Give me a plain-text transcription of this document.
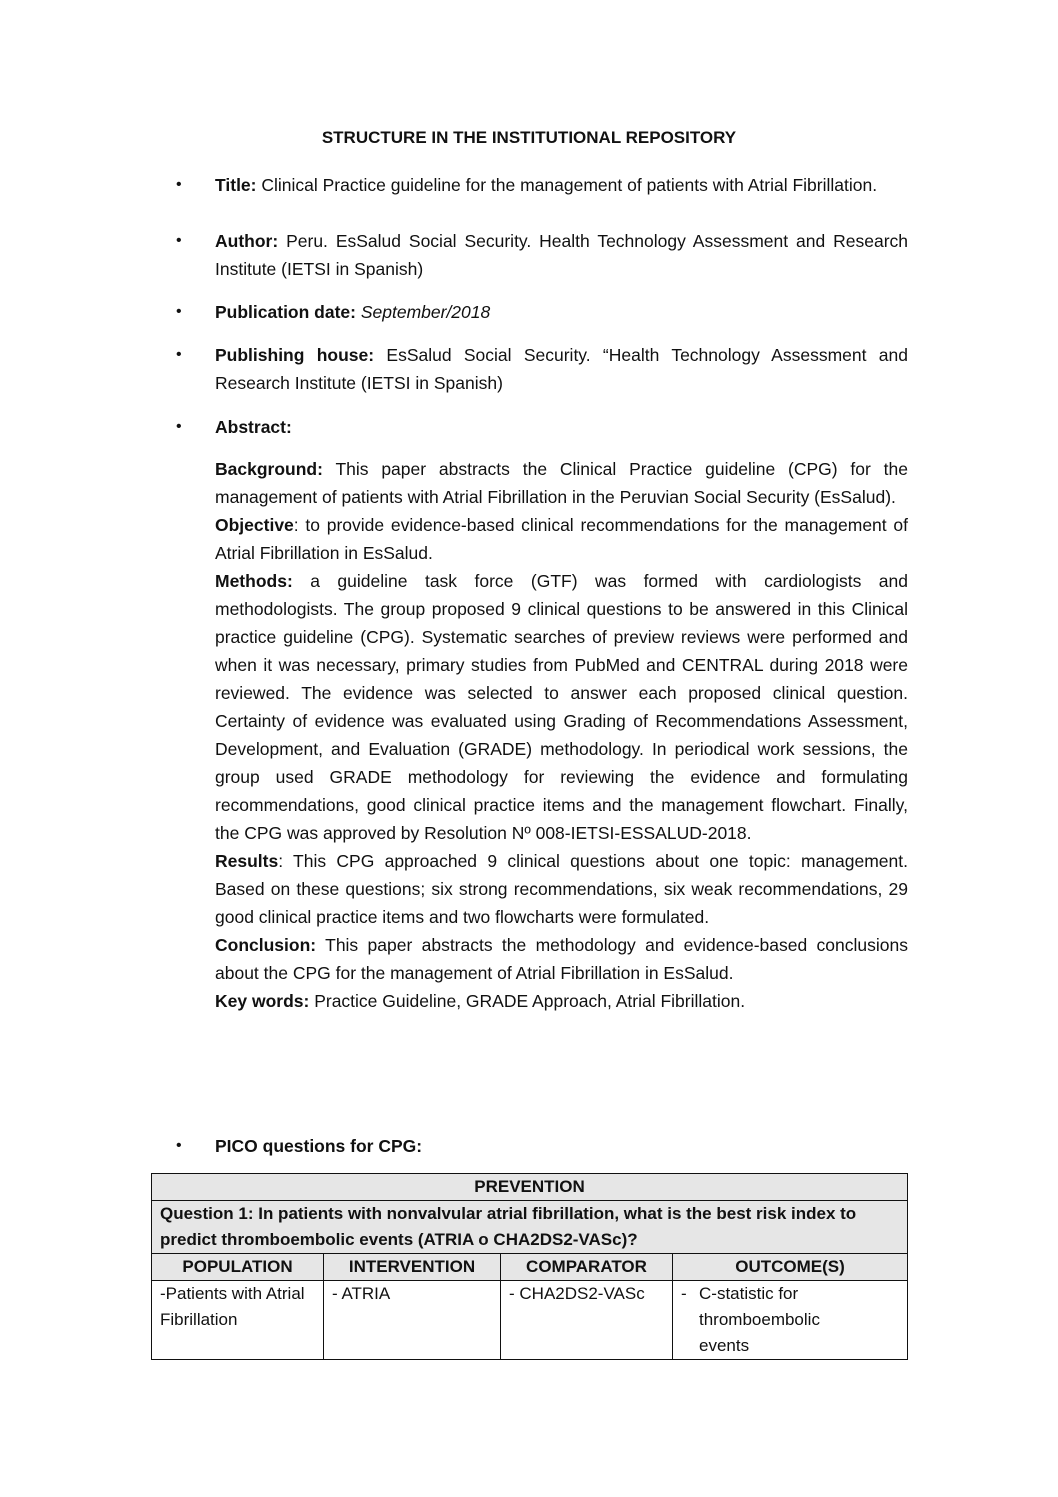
STRUCTURE IN THE INSTITUTIONAL REPOSITORY
•	Title: Clinical Practice guideline for the management of patients with Atrial Fibrillation.
•	Author: Peru. EsSalud Social Security. Health Technology Assessment and Research Institute (IETSI in Spanish)
•	Publication date: September/2018
•	Publishing house: EsSalud Social Security. “Health Technology Assessment and Research Institute (IETSI in Spanish)
•	Abstract:
Background: This paper abstracts the Clinical Practice guideline (CPG) for the management of patients with Atrial Fibrillation in the Peruvian Social Security (EsSalud).
Objective: to provide evidence-based clinical recommendations for the management of Atrial Fibrillation in EsSalud.
Methods: a guideline task force (GTF) was formed with cardiologists and methodologists. The group proposed 9 clinical questions to be answered in this Clinical practice guideline (CPG). Systematic searches of preview reviews were performed and when it was necessary, primary studies from PubMed and CENTRAL during 2018 were reviewed. The evidence was selected to answer each proposed clinical question. Certainty of evidence was evaluated using Grading of Recommendations Assessment, Development, and Evaluation (GRADE) methodology. In periodical work sessions, the group used GRADE methodology for reviewing the evidence and formulating recommendations, good clinical practice items and the management flowchart. Finally, the CPG was approved by Resolution Nº 008-IETSI-ESSALUD-2018.
Results: This CPG approached 9 clinical questions about one topic: management. Based on these questions; six strong recommendations, six weak recommendations, 29 good clinical practice items and two flowcharts were formulated.
Conclusion: This paper abstracts the methodology and evidence-based conclusions about the CPG for the management of Atrial Fibrillation in EsSalud.
Key words: Practice Guideline, GRADE Approach, Atrial Fibrillation.
•	PICO questions for CPG:
PREVENTION			
Question 1: In patients with nonvalvular atrial fibrillation, what is the best risk index to predict thromboembolic events (ATRIA o CHA2DS2-VASc)?			
POPULATION	INTERVENTION	COMPARATOR	OUTCOME(S)
-Patients with Atrial Fibrillation	- ATRIA	- CHA2DS2-VASc	- C-statistic for thromboembolic events
